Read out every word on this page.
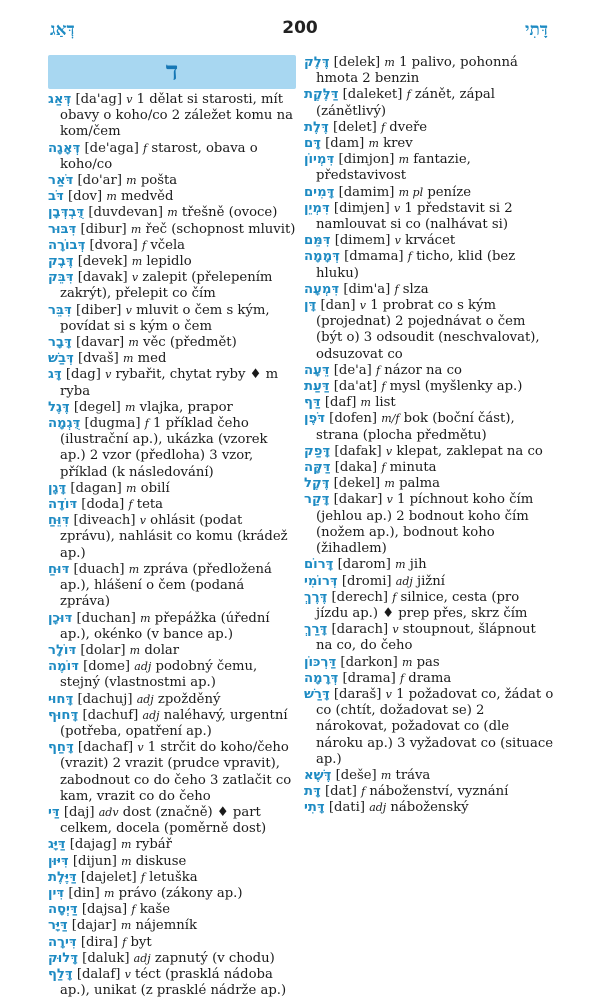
דְּאַג	200	דָּתִי
ד

דְּאַג [da'ag] v 1 dělat si starosti, mít obavy o koho/co 2 záležet komu na kom/čem

דְּאָגָה [de'aga] f starost, obava o koho/co

דֹּאַר [do'ar] m pošta

דֹּב [dov] m medvěd

דֻּבְדְּבָן [duvdevan] m třešně (ovoce)

דִּבּוּר [dibur] m řeč (schopnost mluvit)

דְּבוֹרָה [dvora] f včela

דֶּבֶק [devek] m lepidlo

דִּבֵּק [davak] v zalepit (přelepením zakrýt), přelepit co čím

דִּבֵּר [diber] v mluvit o čem s kým, povídat si s kým o čem

דָּבָר [davar] m věc (předmět)

דְּבַשׁ [dvaš] m med

דָּג [dag] v rybařit, chytat ryby ♦ m ryba

דֶּגֶל [degel] m vlajka, prapor

דֻּגְמָה [dugma] f 1 příklad čeho (ilustrační ap.), ukázka (vzorek ap.) 2 vzor (předloha) 3 vzor, příklad (k následování)

דָּגָן [dagan] m obilí

דּוֹדָה [doda] f teta

דִּוֵּחַ [diveach] v ohlásit (podat zprávu), nahlásit co komu (krádež ap.)

דּוּחַ [duach] m zpráva (předložená ap.), hlášení o čem (podaná zpráva)

דּוּכָן [duchan] m přepážka (úřední ap.), okénko (v bance ap.)

דּוֹלָר [dolar] m dolar

דּוֹמֶה [dome] adj podobný čemu, stejný (vlastnostmi ap.)

דָּחוּי [dachuj] adj zpožděný

דָּחוּף [dachuf] adj naléhavý, urgentní (potřeba, opatření ap.)

דָּחַף [dachaf] v 1 strčit do koho/čeho (vrazit) 2 vrazit (prudce vpravit), zabodnout co do čeho 3 zatlačit co kam, vrazit co do čeho

דַּי [daj] adv dost (značně) ♦ part celkem, docela (poměrně dost)

דַּיָּג [dajag] m rybář

דִּיּוּן [dijun] m diskuse

דַּיֶּלֶת [dajelet] f letuška

דִּין [din] m právo (zákony ap.)

דַּיְסָה [dajsa] f kaše

דַּיָּר [dajar] m nájemník

דִּירָה [dira] f byt

דָּלוּק [daluk] adj zapnutý (v chodu)

דָּלַף [dalaf] v téct (prasklá nádoba ap.), unikat (z prasklé nádrže ap.)

דֶּלֶק [delek] m 1 palivo, pohonná hmota 2 benzin

דַּלֶּקֶת [daleket] f zánět, zápal (zánětlivý)

דֶּלֶת [delet] f dveře

דָּם [dam] m krev

דִּמְיוֹן [dimjon] m fantazie, představivost

דָּמִים [damim] m pl peníze

דִּמְיֵן [dimjen] v 1 představit si 2 namlouvat si co (nalhávat si)

דִּמֵּם [dimem] v krvácet

דְּמָמָה [dmama] f ticho, klid (bez hluku)

דִּמְעָה [dim'a] f slza

דָּן [dan] v 1 probrat co s kým (projednat) 2 pojednávat o čem (být o) 3 odsoudit (neschvalovat), odsuzovat co

דֵּעָה [de'a] f názor na co

דַּעַת [da'at] f mysl (myšlenky ap.)

דַּף [daf] m list

דֹּפֶן [dofen] m/f bok (boční část), strana (plocha předmětu)

דָּפַק [dafak] v klepat, zaklepat na co

דַּקָּה [daka] f minuta

דֶּקֶל [dekel] m palma

דָּקַר [dakar] v 1 píchnout koho čím (jehlou ap.) 2 bodnout koho čím (nožem ap.), bodnout koho (žihadlem)

דָּרוֹם [darom] m jih

דְּרוֹמִי [dromi] adj jižní

דֶּרֶךְ [derech] f silnice, cesta (pro jízdu ap.) ♦ prep přes, skrz čím

דָּרַךְ [darach] v stoupnout, šlápnout na co, do čeho

דַּרְכּוֹן [darkon] m pas

דְּרָמָה [drama] f drama

דָּרַשׁ [daraš] v 1 požadovat co, žádat o co (chtít, dožadovat se) 2 nárokovat, požadovat co (dle nároku ap.) 3 vyžadovat co (situace ap.)

דֶּשֶׁא [deše] m tráva

דָּת [dat] f náboženství, vyznání

דָּתִי [dati] adj náboženský
